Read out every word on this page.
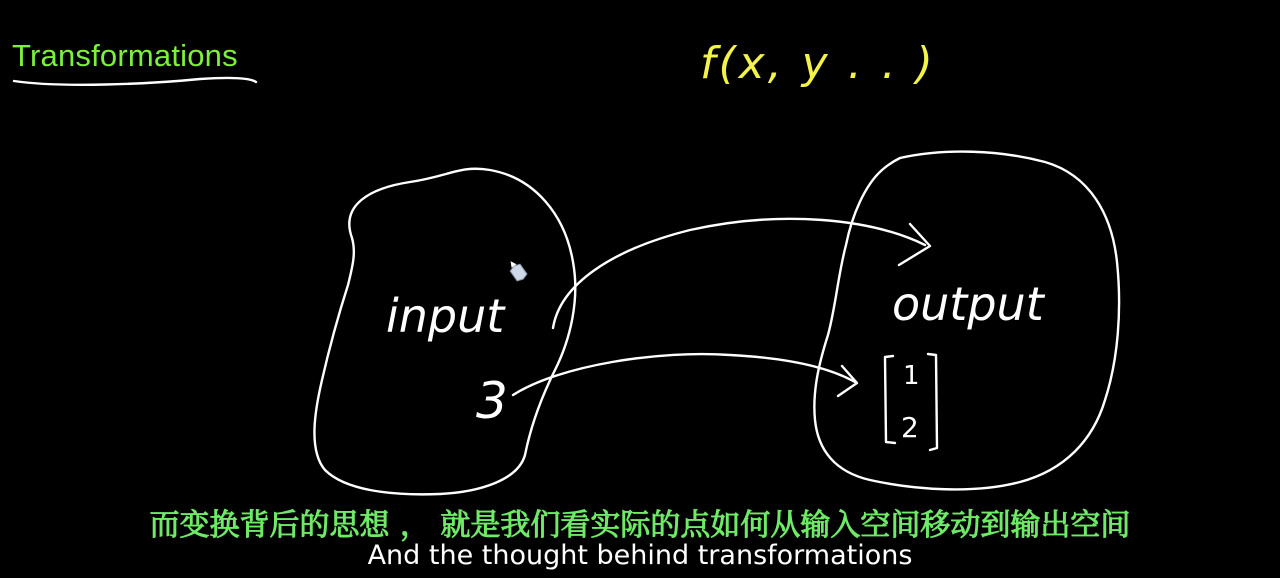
Transformations	f(x, y . . )
input	output
3	1
2
而变换背后的思想 ， 就是我们看实际的点如何从输入空间移动到输出空间
And the thought behind transformations
